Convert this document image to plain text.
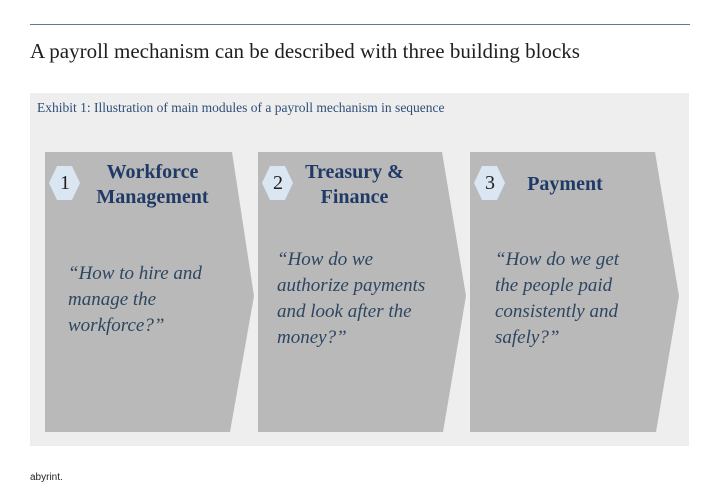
A payroll mechanism can be described with three building blocks
Exhibit 1: Illustration of main modules of a payroll mechanism in sequence
1	Workforce
Management
“How to hire and
manage the
workforce?”
2	Treasury &
Finance
“How do we
authorize payments
and look after the
money?”
3	Payment
“How do we get
the people paid
consistently and
safely?”
abyrint.
